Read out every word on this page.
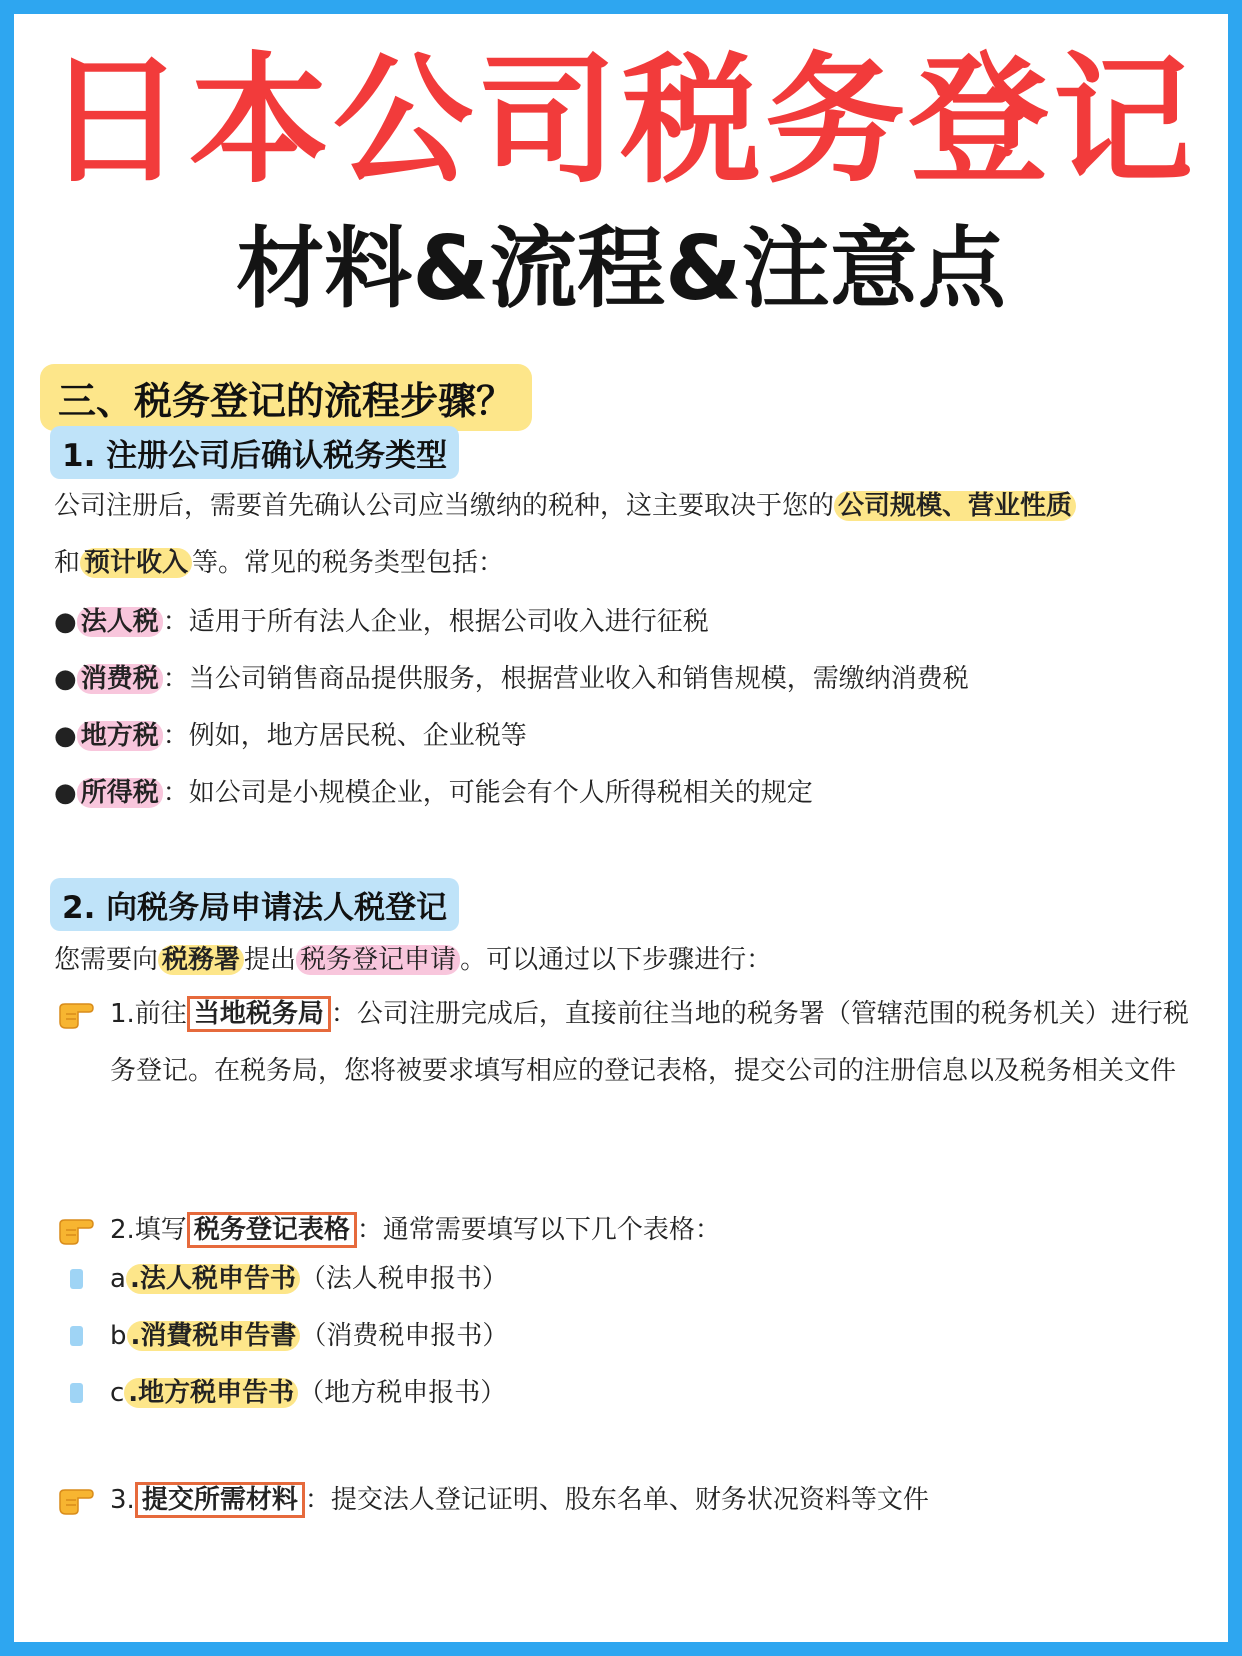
日本公司税务登记
材料&流程&注意点
三、税务登记的流程步骤？
1. 注册公司后确认税务类型
公司注册后，需要首先确认公司应当缴纳的税种，这主要取决于您的 公司规模、营业性质
和 预计收入 等。常见的税务类型包括：
● 法人税 ：适用于所有法人企业，根据公司收入进行征税
● 消费税 ：当公司销售商品提供服务，根据营业收入和销售规模，需缴纳消费税
● 地方税 ：例如，地方居民税、企业税等
● 所得税 ：如公司是小规模企业，可能会有个人所得税相关的规定
2. 向税务局申请法人税登记
您需要向 税務署 提出 税务登记申请 。可以通过以下步骤进行：
1.前往 当地税务局 ：公司注册完成后，直接前往当地的税务署（管辖范围的税务机关）进行税务登记。在税务局，您将被要求填写相应的登记表格，提交公司的注册信息以及税务相关文件
2.填写 税务登记表格 ：通常需要填写以下几个表格：
a .法人税申告书 （法人税申报书）
b .消費税申告書 （消费税申报书）
c .地方税申告书 （地方税申报书）
3. 提交所需材料 ：提交法人登记证明、股东名单、财务状况资料等文件
